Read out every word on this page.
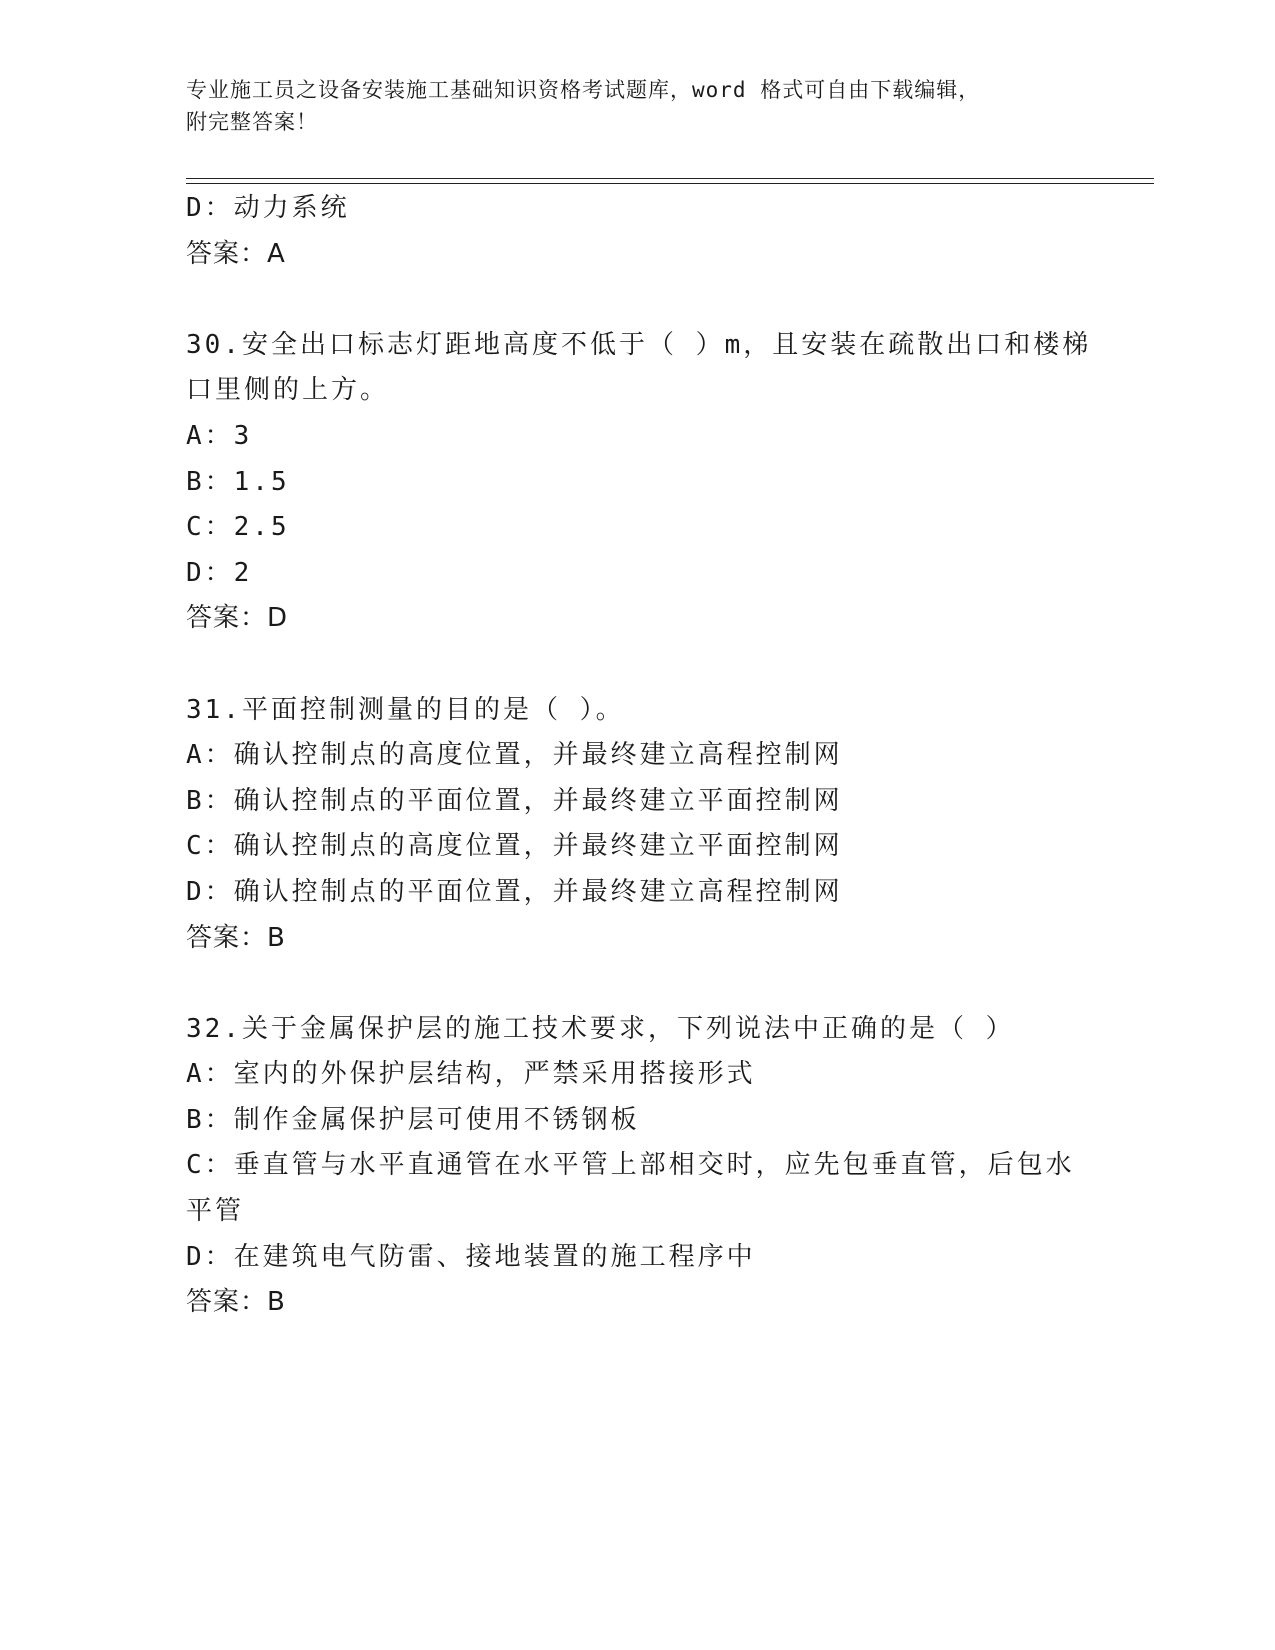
专业施工员之设备安装施工基础知识资格考试题库，word 格式可自由下载编辑，
附完整答案！
D：动力系统
答案：A
30.安全出口标志灯距地高度不低于（ ）m，且安装在疏散出口和楼梯
口里侧的上方。
A：3
B：1.5
C：2.5
D：2
答案：D
31.平面控制测量的目的是（ ）。
A：确认控制点的高度位置，并最终建立高程控制网
B：确认控制点的平面位置，并最终建立平面控制网
C：确认控制点的高度位置，并最终建立平面控制网
D：确认控制点的平面位置，并最终建立高程控制网
答案：B
32.关于金属保护层的施工技术要求，下列说法中正确的是（ ）
A：室内的外保护层结构，严禁采用搭接形式
B：制作金属保护层可使用不锈钢板
C：垂直管与水平直通管在水平管上部相交时，应先包垂直管，后包水
平管
D：在建筑电气防雷、接地装置的施工程序中
答案：B
